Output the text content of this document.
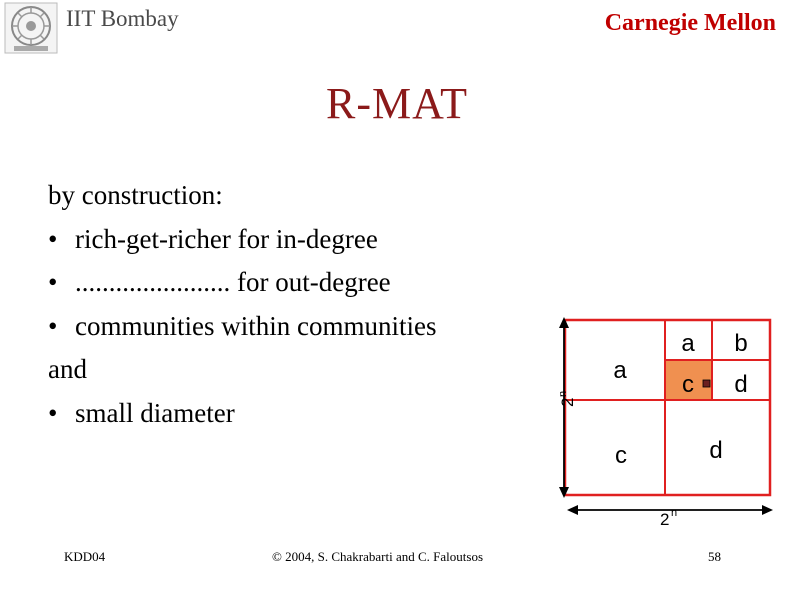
IIT Bombay	Carnegie Mellon
R-MAT
by construction:
• rich-get-richer for in-degree
• ....................... for out-degree
• communities within communities
and
• small diameter
a
c	d
a b
c d
2
n
2 n
KDD04	© 2004, S. Chakrabarti and C. Faloutsos	58
